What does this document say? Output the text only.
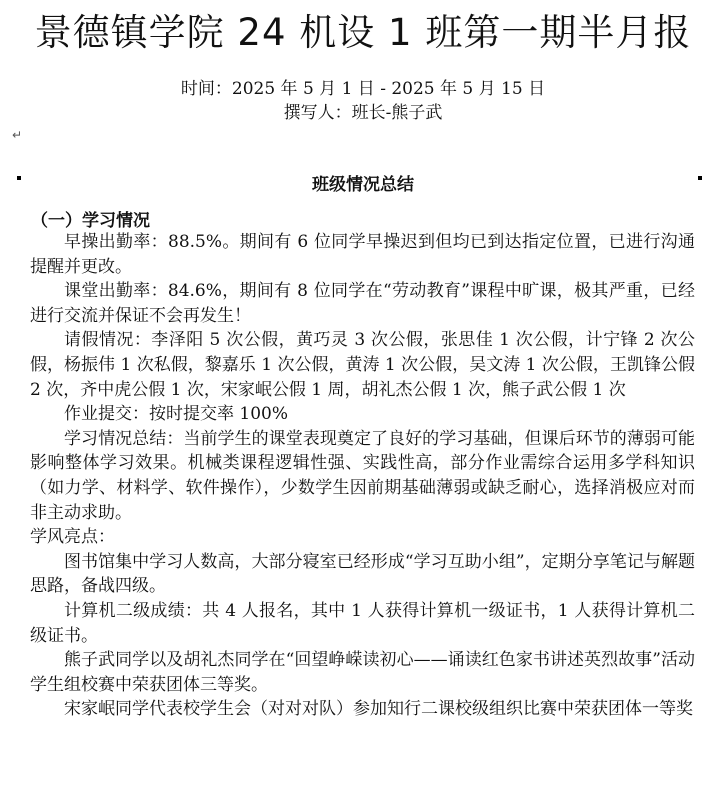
景德镇学院 24 机设 1 班第一期半月报
时间：2025 年 5 月 1 日 - 2025 年 5 月 15 日
撰写人：班长-熊子武
↵
班级情况总结
（一）学习情况

早操出勤率：88.5%。期间有 6 位同学早操迟到但均已到达指定位置，已进行沟通提醒并更改。

课堂出勤率：84.6%，期间有 8 位同学在“劳动教育”课程中旷课，极其严重，已经进行交流并保证不会再发生！

请假情况：李泽阳 5 次公假，黄巧灵 3 次公假，张思佳 1 次公假，计宁锋 2 次公假，杨振伟 1 次私假，黎嘉乐 1 次公假，黄涛 1 次公假，吴文涛 1 次公假，王凯锋公假 2 次，齐中虎公假 1 次，宋家岷公假 1 周，胡礼杰公假 1 次，熊子武公假 1 次

作业提交：按时提交率 100%

学习情况总结：当前学生的课堂表现奠定了良好的学习基础，但课后环节的薄弱可能影响整体学习效果。机械类课程逻辑性强、实践性高，部分作业需综合运用多学科知识（如力学、材料学、软件操作），少数学生因前期基础薄弱或缺乏耐心，选择消极应对而非主动求助。

学风亮点：

图书馆集中学习人数高，大部分寝室已经形成“学习互助小组”，定期分享笔记与解题思路，备战四级。

计算机二级成绩：共 4 人报名，其中 1 人获得计算机一级证书，1 人获得计算机二级证书。

熊子武同学以及胡礼杰同学在“回望峥嵘读初心——诵读红色家书讲述英烈故事”活动学生组校赛中荣获团体三等奖。

宋家岷同学代表校学生会（对对对队）参加知行二课校级组织比赛中荣获团体一等奖
